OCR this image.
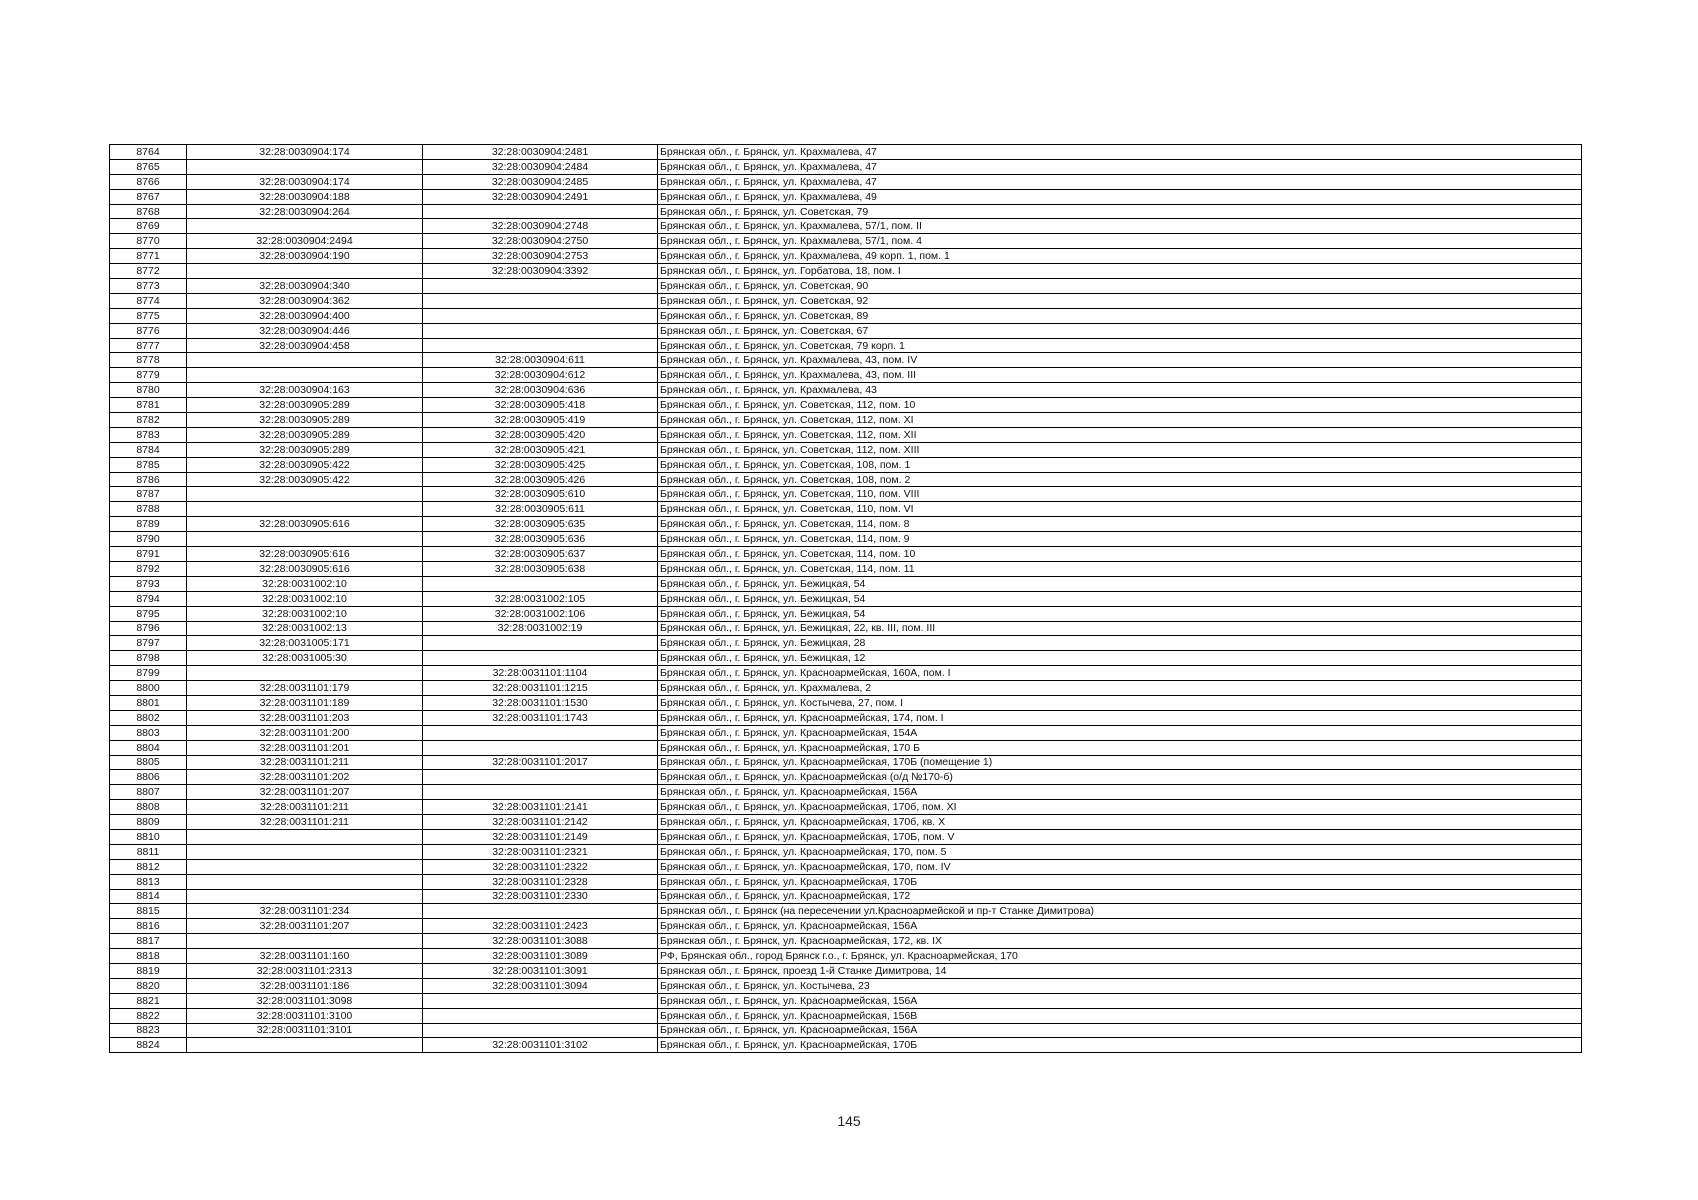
8764	32:28:0030904:174	32:28:0030904:2481	Брянская обл., г. Брянск, ул. Крахмалева, 47
8765		32:28:0030904:2484	Брянская обл., г. Брянск, ул. Крахмалева, 47
8766	32:28:0030904:174	32:28:0030904:2485	Брянская обл., г. Брянск, ул. Крахмалева, 47
8767	32:28:0030904:188	32:28:0030904:2491	Брянская обл., г. Брянск, ул. Крахмалева, 49
8768	32:28:0030904:264		Брянская обл., г. Брянск, ул. Советская, 79
8769		32:28:0030904:2748	Брянская обл., г. Брянск, ул. Крахмалева, 57/1, пом. II
8770	32:28:0030904:2494	32:28:0030904:2750	Брянская обл., г. Брянск, ул. Крахмалева, 57/1, пом. 4
8771	32:28:0030904:190	32:28:0030904:2753	Брянская обл., г. Брянск, ул. Крахмалева, 49 корп. 1, пом. 1
8772		32:28:0030904:3392	Брянская обл., г. Брянск, ул. Горбатова, 18, пом. I
8773	32:28:0030904:340		Брянская обл., г. Брянск, ул. Советская, 90
8774	32:28:0030904:362		Брянская обл., г. Брянск, ул. Советская, 92
8775	32:28:0030904:400		Брянская обл., г. Брянск, ул. Советская, 89
8776	32:28:0030904:446		Брянская обл., г. Брянск, ул. Советская, 67
8777	32:28:0030904:458		Брянская обл., г. Брянск, ул. Советская, 79 корп. 1
8778		32:28:0030904:611	Брянская обл., г. Брянск, ул. Крахмалева, 43, пом. IV
8779		32:28:0030904:612	Брянская обл., г. Брянск, ул. Крахмалева, 43, пом. III
8780	32:28:0030904:163	32:28:0030904:636	Брянская обл., г. Брянск, ул. Крахмалева, 43
8781	32:28:0030905:289	32:28:0030905:418	Брянская обл., г. Брянск, ул. Советская, 112, пом. 10
8782	32:28:0030905:289	32:28:0030905:419	Брянская обл., г. Брянск, ул. Советская, 112, пом. XI
8783	32:28:0030905:289	32:28:0030905:420	Брянская обл., г. Брянск, ул. Советская, 112, пом. XII
8784	32:28:0030905:289	32:28:0030905:421	Брянская обл., г. Брянск, ул. Советская, 112, пом. XIII
8785	32:28:0030905:422	32:28:0030905:425	Брянская обл., г. Брянск, ул. Советская, 108, пом. 1
8786	32:28:0030905:422	32:28:0030905:426	Брянская обл., г. Брянск, ул. Советская, 108, пом. 2
8787		32:28:0030905:610	Брянская обл., г. Брянск, ул. Советская, 110, пом. VIII
8788		32:28:0030905:611	Брянская обл., г. Брянск, ул. Советская, 110, пом. VI
8789	32:28:0030905:616	32:28:0030905:635	Брянская обл., г. Брянск, ул. Советская, 114, пом. 8
8790		32:28:0030905:636	Брянская обл., г. Брянск, ул. Советская, 114, пом. 9
8791	32:28:0030905:616	32:28:0030905:637	Брянская обл., г. Брянск, ул. Советская, 114, пом. 10
8792	32:28:0030905:616	32:28:0030905:638	Брянская обл., г. Брянск, ул. Советская, 114, пом. 11
8793	32:28:0031002:10		Брянская обл., г. Брянск, ул. Бежицкая, 54
8794	32:28:0031002:10	32:28:0031002:105	Брянская обл., г. Брянск, ул. Бежицкая, 54
8795	32:28:0031002:10	32:28:0031002:106	Брянская обл., г. Брянск, ул. Бежицкая, 54
8796	32:28:0031002:13	32:28:0031002:19	Брянская обл., г. Брянск, ул. Бежицкая, 22, кв. III, пом. III
8797	32:28:0031005:171		Брянская обл., г. Брянск, ул. Бежицкая, 28
8798	32:28:0031005:30		Брянская обл., г. Брянск, ул. Бежицкая, 12
8799		32:28:0031101:1104	Брянская обл., г. Брянск, ул. Красноармейская, 160А, пом. I
8800	32:28:0031101:179	32:28:0031101:1215	Брянская обл., г. Брянск, ул. Крахмалева, 2
8801	32:28:0031101:189	32:28:0031101:1530	Брянская обл., г. Брянск, ул. Костычева, 27, пом. I
8802	32:28:0031101:203	32:28:0031101:1743	Брянская обл., г. Брянск, ул. Красноармейская, 174, пом. I
8803	32:28:0031101:200		Брянская обл., г. Брянск, ул. Красноармейская, 154А
8804	32:28:0031101:201		Брянская обл., г. Брянск, ул. Красноармейская, 170 Б
8805	32:28:0031101:211	32:28:0031101:2017	Брянская обл., г. Брянск, ул. Красноармейская, 170Б (помещение 1)
8806	32:28:0031101:202		Брянская обл., г. Брянск, ул. Красноармейская (о/д №170-б)
8807	32:28:0031101:207		Брянская обл., г. Брянск, ул. Красноармейская, 156А
8808	32:28:0031101:211	32:28:0031101:2141	Брянская обл., г. Брянск, ул. Красноармейская, 170б, пом. XI
8809	32:28:0031101:211	32:28:0031101:2142	Брянская обл., г. Брянск, ул. Красноармейская, 170б, кв. X
8810		32:28:0031101:2149	Брянская обл., г. Брянск, ул. Красноармейская, 170Б, пом. V
8811		32:28:0031101:2321	Брянская обл., г. Брянск, ул. Красноармейская, 170, пом. 5
8812		32:28:0031101:2322	Брянская обл., г. Брянск, ул. Красноармейская, 170, пом. IV
8813		32:28:0031101:2328	Брянская обл., г. Брянск, ул. Красноармейская, 170Б
8814		32:28:0031101:2330	Брянская обл., г. Брянск, ул. Красноармейская, 172
8815	32:28:0031101:234		Брянская обл., г. Брянск (на пересечении ул.Красноармейской и пр-т Станке Димитрова)
8816	32:28:0031101:207	32:28:0031101:2423	Брянская обл., г. Брянск, ул. Красноармейская, 156А
8817		32:28:0031101:3088	Брянская обл., г. Брянск, ул. Красноармейская, 172, кв. IX
8818	32:28:0031101:160	32:28:0031101:3089	РФ, Брянская обл., город Брянск г.о., г. Брянск, ул. Красноармейская, 170
8819	32:28:0031101:2313	32:28:0031101:3091	Брянская обл., г. Брянск, проезд 1-й Станке Димитрова, 14
8820	32:28:0031101:186	32:28:0031101:3094	Брянская обл., г. Брянск, ул. Костычева, 23
8821	32:28:0031101:3098		Брянская обл., г. Брянск, ул. Красноармейская, 156А
8822	32:28:0031101:3100		Брянская обл., г. Брянск, ул. Красноармейская, 156В
8823	32:28:0031101:3101		Брянская обл., г. Брянск, ул. Красноармейская, 156А
8824		32:28:0031101:3102	Брянская обл., г. Брянск, ул. Красноармейская, 170Б
145
